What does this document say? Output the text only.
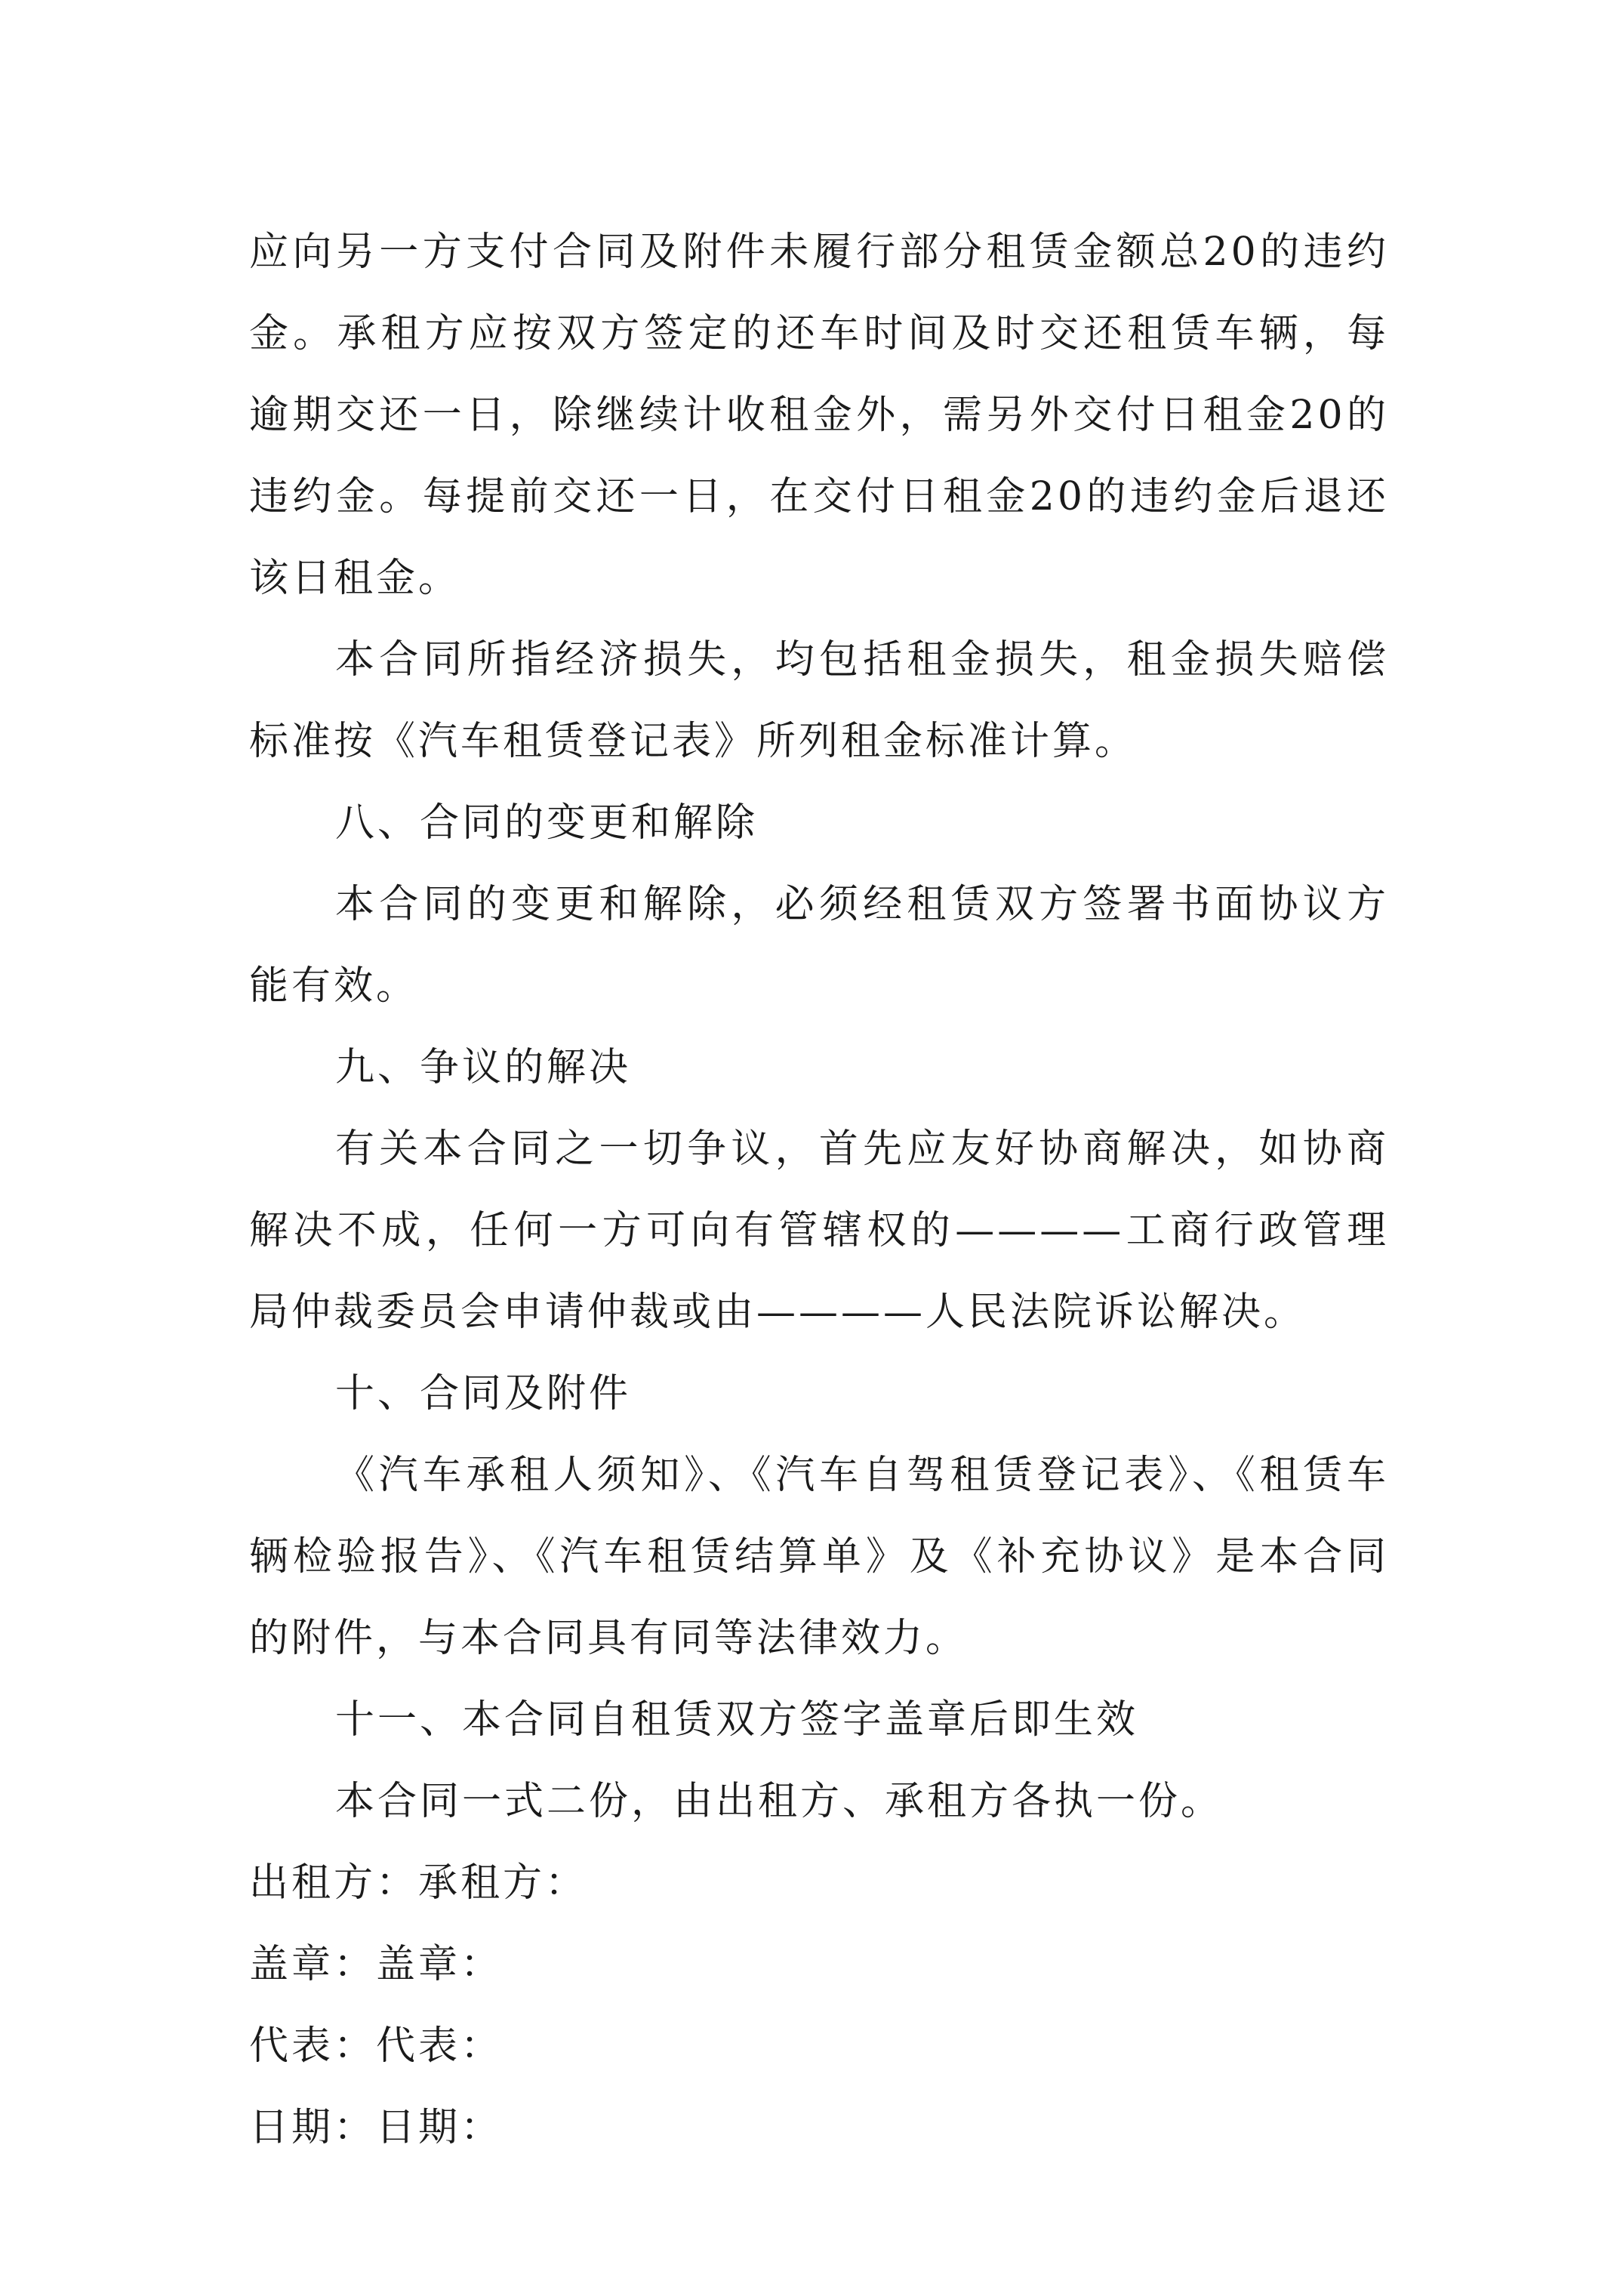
应向另一方支付合同及附件未履行部分租赁金额总20的违约金。承租方应按双方签定的还车时间及时交还租赁车辆，每逾期交还一日，除继续计收租金外，需另外交付日租金20的违约金。每提前交还一日，在交付日租金20的违约金后退还该日租金。

本合同所指经济损失，均包括租金损失，租金损失赔偿标准按《汽车租赁登记表》所列租金标准计算。

八、合同的变更和解除

本合同的变更和解除，必须经租赁双方签署书面协议方能有效。

九、争议的解决

有关本合同之一切争议，首先应友好协商解决，如协商解决不成，任何一方可向有管辖权的————工商行政管理局仲裁委员会申请仲裁或由————人民法院诉讼解决。

十、合同及附件

《汽车承租人须知》、《汽车自驾租赁登记表》、《租赁车辆检验报告》、《汽车租赁结算单》及《补充协议》是本合同的附件，与本合同具有同等法律效力。

十一、本合同自租赁双方签字盖章后即生效

本合同一式二份，由出租方、承租方各执一份。

出租方：承租方：

盖章：盖章：

代表：代表：

日期：日期：
